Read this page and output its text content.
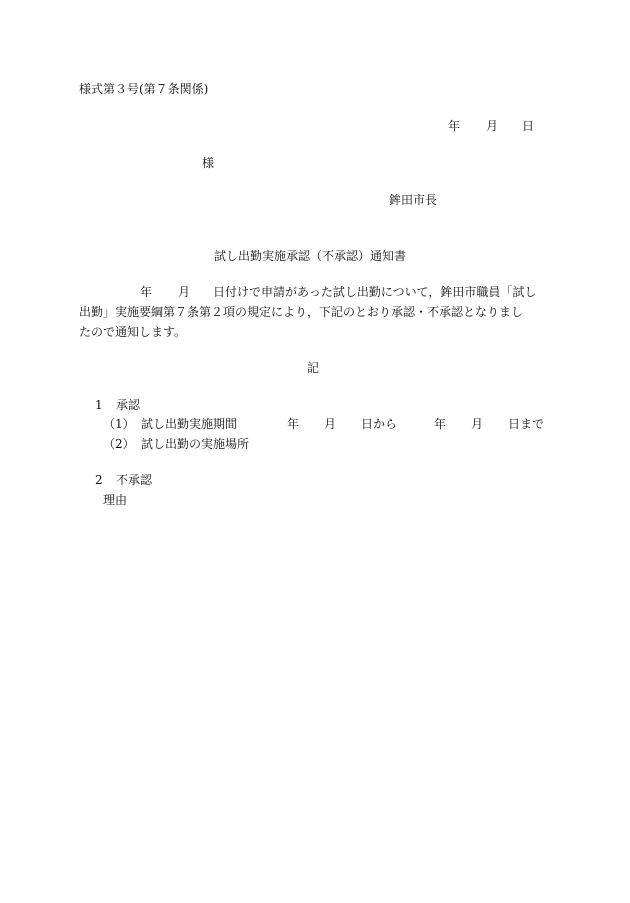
様式第３号(第７条関係)
年 月 日
様
鉾田市長
試し出勤実施承認（不承認）通知書
年 月 日付けで申請があった試し出勤について，鉾田市職員「試し
出勤」実施要綱第７条第２項の規定により，下記のとおり承認・不承認となりまし
たので通知します。
記
1 承認
（1） 試し出勤実施期間	年 月 日から	年 月 日まで
（2） 試し出勤の実施場所
2 不承認
理由
